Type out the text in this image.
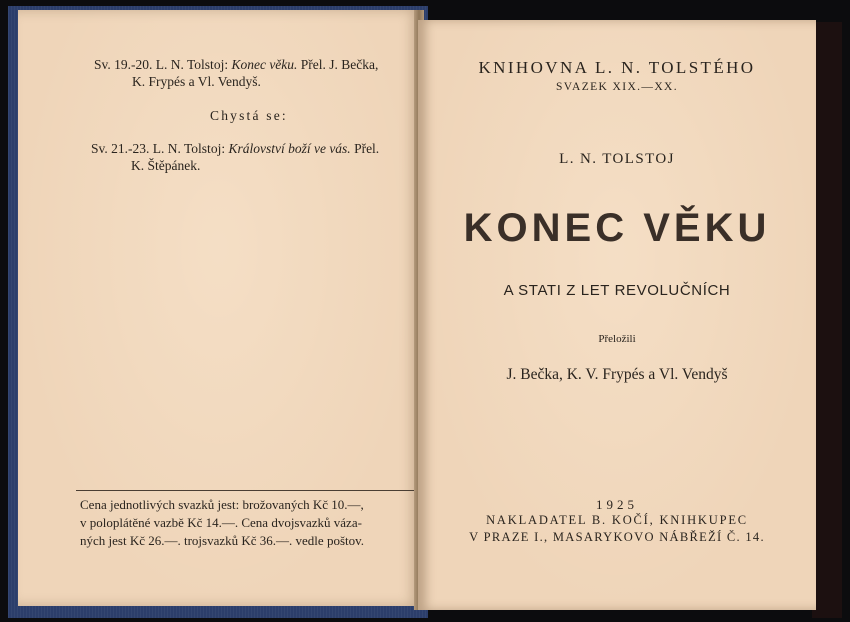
Sv. 19.-20. L. N. Tolstoj: Konec věku. Přel. J. Bečka,
K. Frypés a Vl. Vendyš.
Chystá se:
Sv. 21.-23. L. N. Tolstoj: Království boží ve vás. Přel.
K. Štěpánek.
Cena jednotlivých svazků jest: brožovaných Kč 10.—,
v poloplátěné vazbě Kč 14.—. Cena dvojsvazků váza-
ných jest Kč 26.—. trojsvazků Kč 36.—. vedle poštov.
KNIHOVNA L. N. TOLSTÉHO
SVAZEK XIX.—XX.
L. N. TOLSTOJ
KONEC VĚKU
A STATI Z LET REVOLUČNÍCH
Přeložili
J. Bečka, K. V. Frypés a Vl. Vendyš
1925
NAKLADATEL B. KOČÍ, KNIHKUPEC
V PRAZE I., MASARYKOVO NÁBŘEŽÍ Č. 14.
